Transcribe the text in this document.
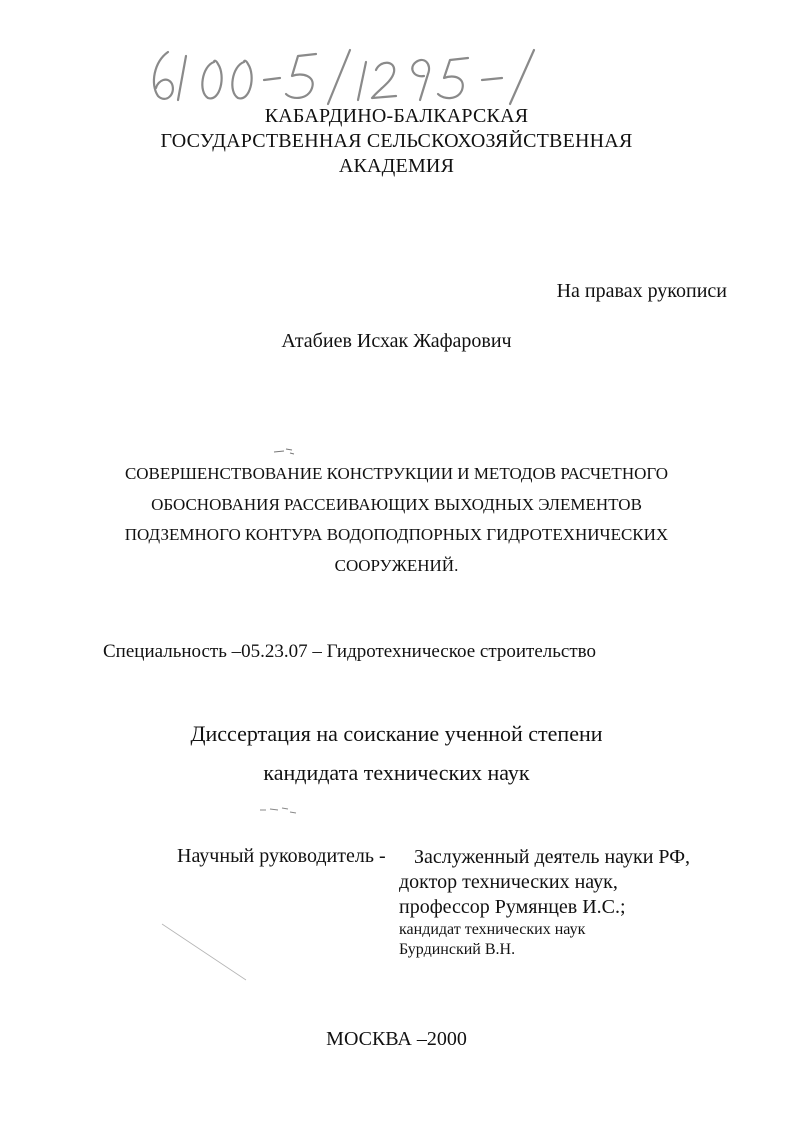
КАБАРДИНО-БАЛКАРСКАЯ
ГОСУДАРСТВЕННАЯ СЕЛЬСКОХОЗЯЙСТВЕННАЯ
АКАДЕМИЯ
На правах рукописи
Атабиев Исхак Жафарович
СОВЕРШЕНСТВОВАНИЕ КОНСТРУКЦИИ И МЕТОДОВ РАСЧЕТНОГО
ОБОСНОВАНИЯ РАССЕИВАЮЩИХ ВЫХОДНЫХ ЭЛЕМЕНТОВ
ПОДЗЕМНОГО КОНТУРА ВОДОПОДПОРНЫХ ГИДРОТЕХНИЧЕСКИХ
СООРУЖЕНИЙ.
Специальность –05.23.07 – Гидротехническое строительство
Диссертация на соискание ученной степени
кандидата технических наук
Научный руководитель - Заслуженный деятель науки РФ,
доктор технических наук,
профессор Румянцев И.С.;
кандидат технических наук
Бурдинский В.Н.
МОСКВА –2000
